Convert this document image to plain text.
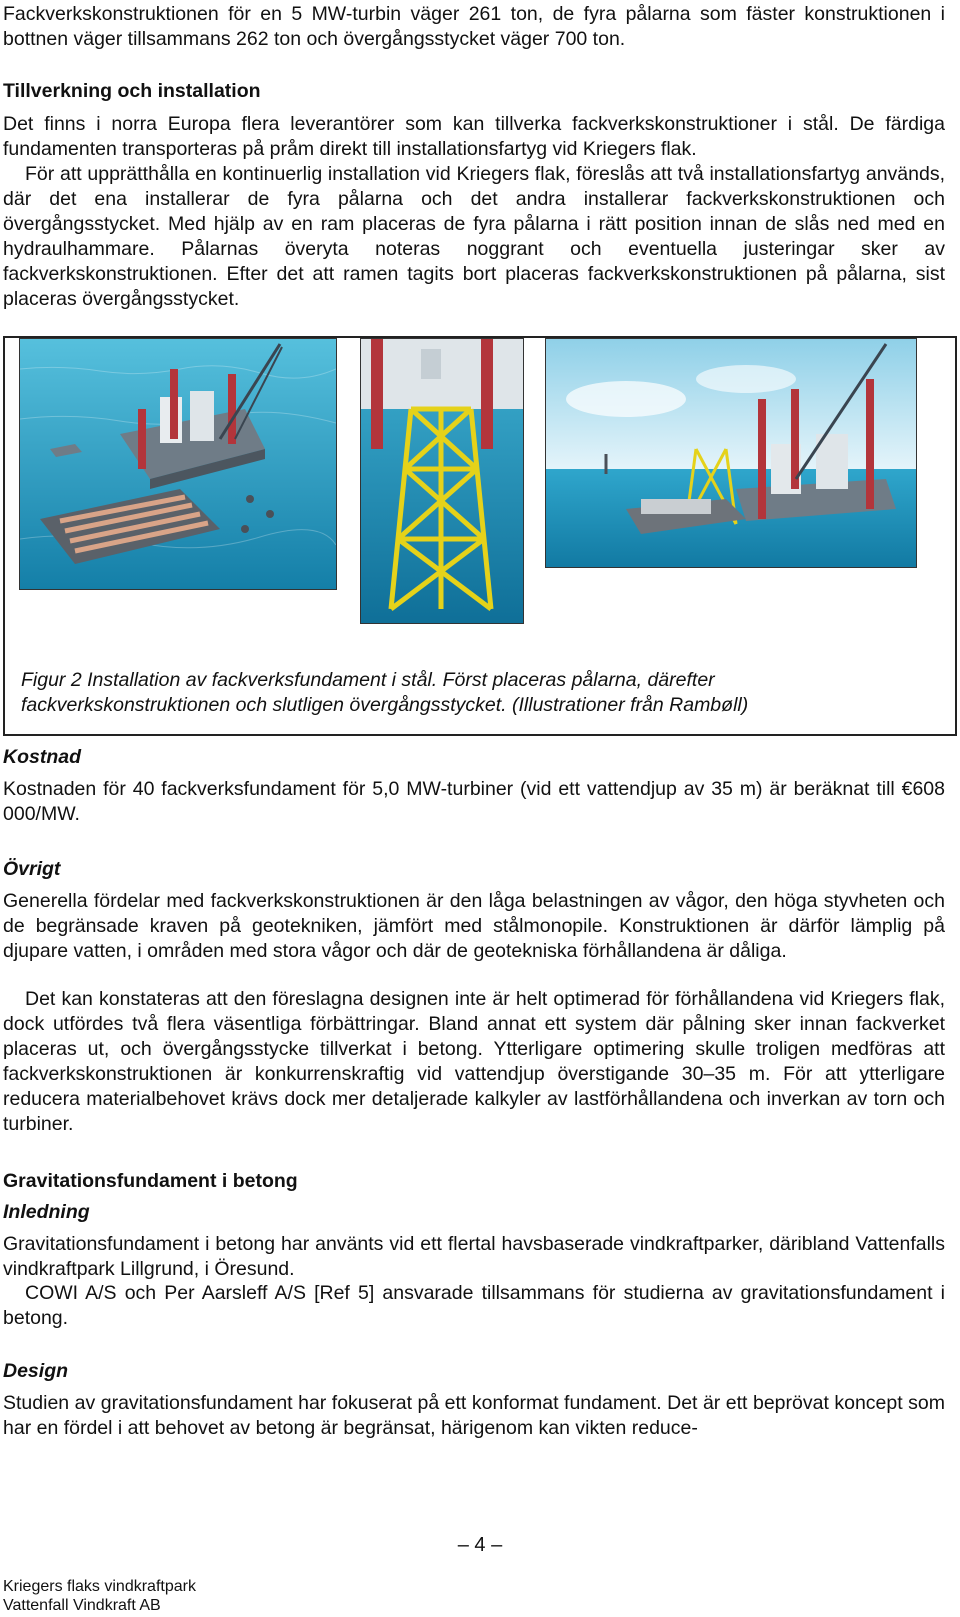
Fackverkskonstruktionen för en 5 MW-turbin väger 261 ton, de fyra pålarna som fäster konstruktionen i bottnen väger tillsammans 262 ton och övergångsstycket väger 700 ton.

Tillverkning och installation

Det finns i norra Europa flera leverantörer som kan tillverka fackverkskonstruktioner i stål. De färdiga fundamenten transporteras på pråm direkt till installationsfartyg vid Kriegers flak.

För att upprätthålla en kontinuerlig installation vid Kriegers flak, föreslås att två installationsfartyg används, där det ena installerar de fyra pålarna och det andra installerar fackverkskonstruktionen och övergångsstycket. Med hjälp av en ram placeras de fyra pålarna i rätt position innan de slås ned med en hydraulhammare. Pålarnas överyta noteras noggrant och eventuella justeringar sker av fackverkskonstruktionen. Efter det att ramen tagits bort placeras fackverkskonstruktionen på pålarna, sist placeras övergångsstycket.

Figur 2 Installation av fackverksfundament i stål. Först placeras pålarna, därefter fackverkskonstruktionen och slutligen övergångsstycket. (Illustrationer från Rambøll)

Kostnad

Kostnaden för 40 fackverksfundament för 5,0 MW-turbiner (vid ett vattendjup av 35 m) är beräknat till €608 000/MW.

Övrigt

Generella fördelar med fackverkskonstruktionen är den låga belastningen av vågor, den höga styvheten och de begränsade kraven på geotekniken, jämfört med stålmonopile. Konstruktionen är därför lämplig på djupare vatten, i områden med stora vågor och där de geotekniska förhållandena är dåliga.

Det kan konstateras att den föreslagna designen inte är helt optimerad för förhållandena vid Kriegers flak, dock utfördes två flera väsentliga förbättringar. Bland annat ett system där pålning sker innan fackverket placeras ut, och övergångsstycke tillverkat i betong. Ytterligare optimering skulle troligen medföras att fackverkskonstruktionen är konkurrenskraftig vid vattendjup överstigande 30–35 m. För att ytterligare reducera materialbehovet krävs dock mer detaljerade kalkyler av lastförhållandena och inverkan av torn och turbiner.

Gravitationsfundament i betong
Inledning

Gravitationsfundament i betong har använts vid ett flertal havsbaserade vindkraftparker, däribland Vattenfalls vindkraftpark Lillgrund, i Öresund.

COWI A/S och Per Aarsleff A/S [Ref 5] ansvarade tillsammans för studierna av gravitationsfundament i betong.

Design

Studien av gravitationsfundament har fokuserat på ett konformat fundament. Det är ett beprövat koncept som har en fördel i att behovet av betong är begränsat, härigenom kan vikten reduce-

– 4 –
Kriegers flaks vindkraftpark
Vattenfall Vindkraft AB
